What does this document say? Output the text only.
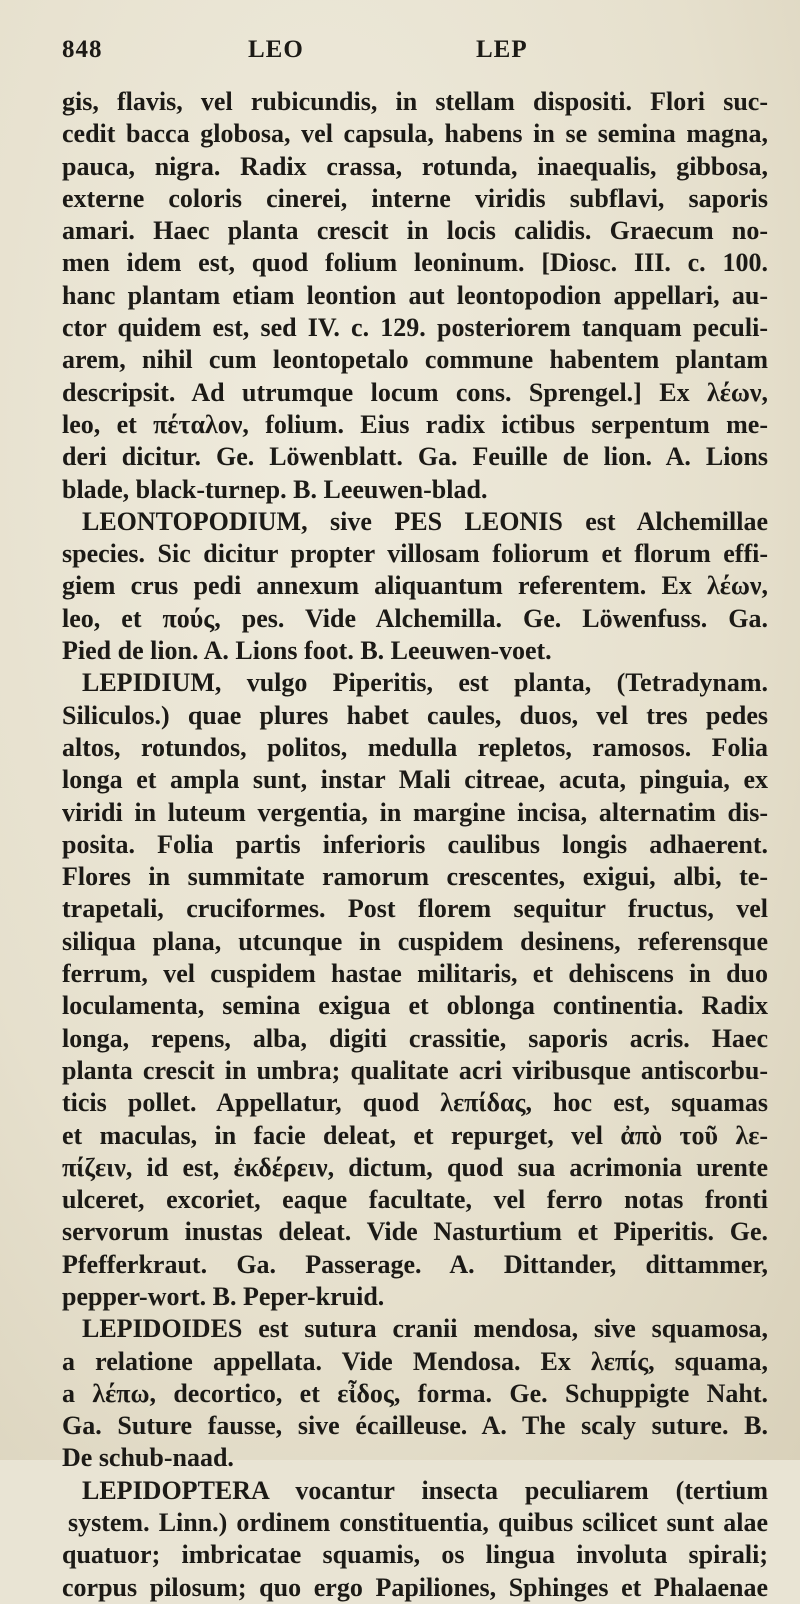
848	LEO	LEP
gis, flavis, vel rubicundis, in stellam dispositi. Flori suc-
cedit bacca globosa, vel capsula, habens in se semina magna,
pauca, nigra. Radix crassa, rotunda, inaequalis, gibbosa,
externe coloris cinerei, interne viridis subflavi, saporis
amari. Haec planta crescit in locis calidis. Graecum no-
men idem est, quod folium leoninum. [Diosc. III. c. 100.
hanc plantam etiam leontion aut leontopodion appellari, au-
ctor quidem est, sed IV. c. 129. posteriorem tanquam peculi-
arem, nihil cum leontopetalo commune habentem plantam
descripsit. Ad utrumque locum cons. Sprengel.] Ex λέων,
leo, et πέταλον, folium. Eius radix ictibus serpentum me-
deri dicitur. Ge. Löwenblatt. Ga. Feuille de lion. A. Lions
blade, black-turnep. B. Leeuwen-blad.
LEONTOPODIUM, sive PES LEONIS est Alchemillae
species. Sic dicitur propter villosam foliorum et florum effi-
giem crus pedi annexum aliquantum referentem. Ex λέων,
leo, et πούς, pes. Vide Alchemilla. Ge. Löwenfuss. Ga.
Pied de lion. A. Lions foot. B. Leeuwen-voet.
LEPIDIUM, vulgo Piperitis, est planta, (Tetradynam.
Siliculos.) quae plures habet caules, duos, vel tres pedes
altos, rotundos, politos, medulla repletos, ramosos. Folia
longa et ampla sunt, instar Mali citreae, acuta, pinguia, ex
viridi in luteum vergentia, in margine incisa, alternatim dis-
posita. Folia partis inferioris caulibus longis adhaerent.
Flores in summitate ramorum crescentes, exigui, albi, te-
trapetali, cruciformes. Post florem sequitur fructus, vel
siliqua plana, utcunque in cuspidem desinens, referensque
ferrum, vel cuspidem hastae militaris, et dehiscens in duo
loculamenta, semina exigua et oblonga continentia. Radix
longa, repens, alba, digiti crassitie, saporis acris. Haec
planta crescit in umbra; qualitate acri viribusque antiscorbu-
ticis pollet. Appellatur, quod λεπίδας, hoc est, squamas
et maculas, in facie deleat, et repurget, vel ἀπὸ τοῦ λε-
πίζειν, id est, ἐκδέρειν, dictum, quod sua acrimonia urente
ulceret, excoriet, eaque facultate, vel ferro notas fronti
servorum inustas deleat. Vide Nasturtium et Piperitis. Ge.
Pfefferkraut. Ga. Passerage. A. Dittander, dittammer,
pepper-wort. B. Peper-kruid.
LEPIDOIDES est sutura cranii mendosa, sive squamosa,
a relatione appellata. Vide Mendosa. Ex λεπίς, squama,
a λέπω, decortico, et εἶδος, forma. Ge. Schuppigte Naht.
Ga. Suture fausse, sive écailleuse. A. The scaly suture. B.
De schub-naad.
LEPIDOPTERA vocantur insecta peculiarem (tertium
system. Linn.) ordinem constituentia, quibus scilicet sunt alae
quatuor; imbricatae squamis, os lingua involuta spirali;
corpus pilosum; quo ergo Papiliones, Sphinges et Phalaenae
